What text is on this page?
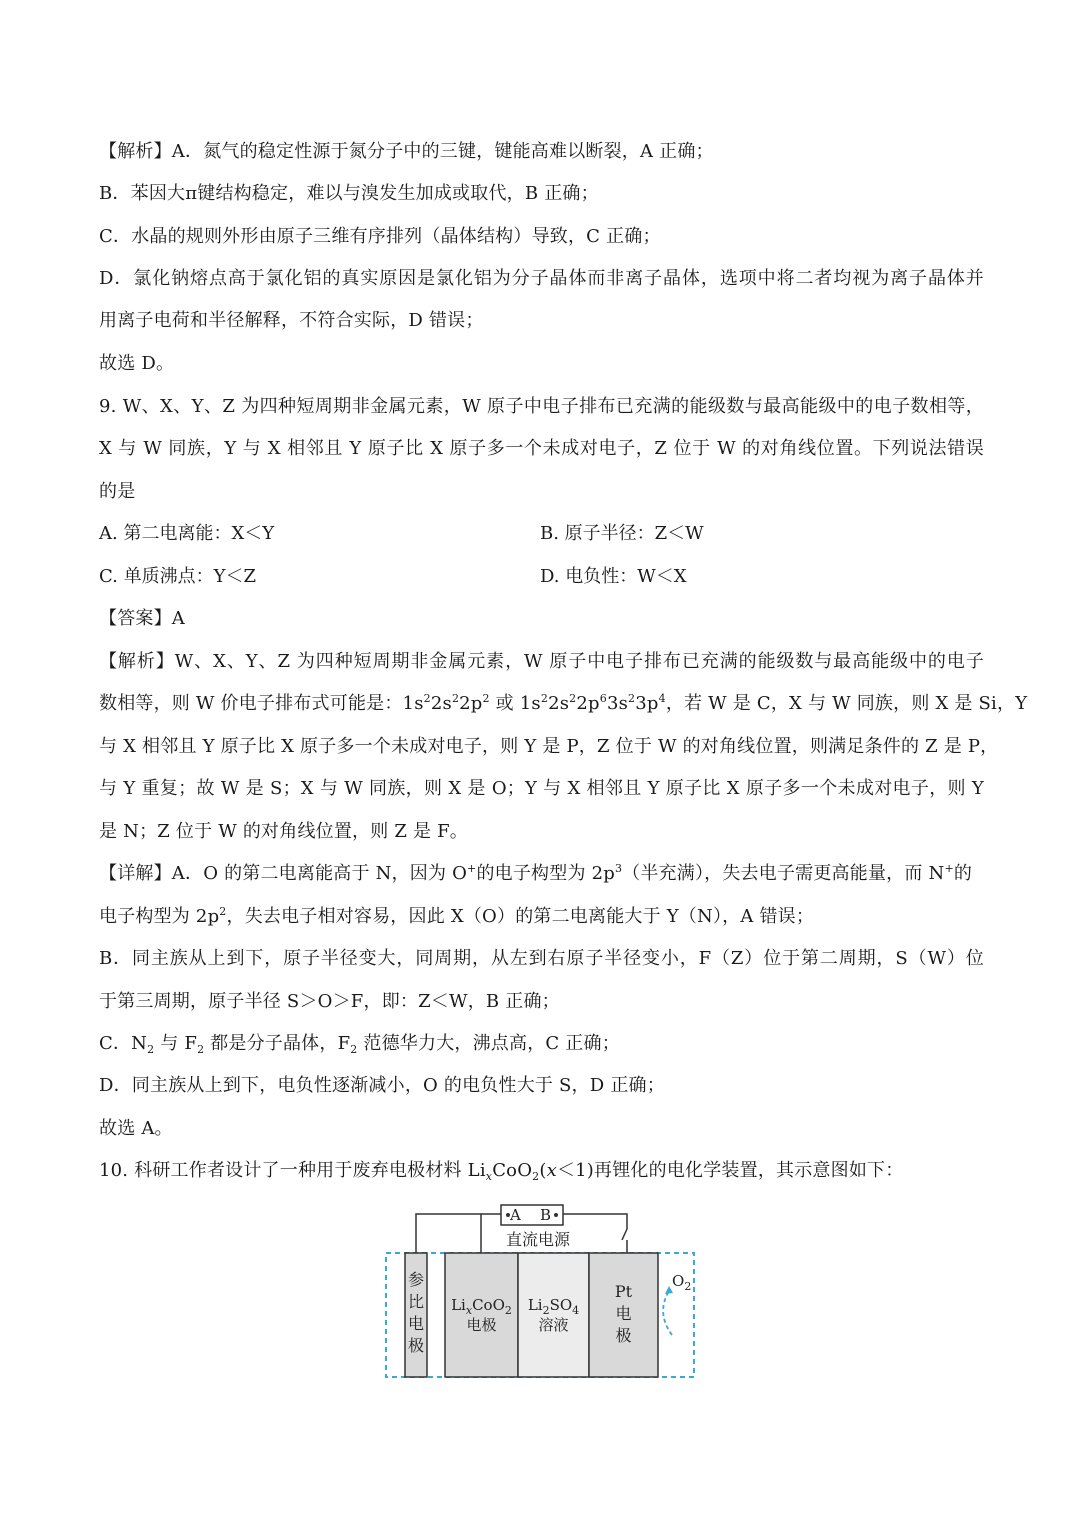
【解析】A．氮气的稳定性源于氮分子中的三键，键能高难以断裂，A 正确；
B．苯因大π键结构稳定，难以与溴发生加成或取代，B 正确；
C．水晶的规则外形由原子三维有序排列（晶体结构）导致，C 正确；
D．氯化钠熔点高于氯化铝的真实原因是氯化铝为分子晶体而非离子晶体，选项中将二者均视为离子晶体并
用离子电荷和半径解释，不符合实际，D 错误；
故选 D。
9. W、X、Y、Z 为四种短周期非金属元素，W 原子中电子排布已充满的能级数与最高能级中的电子数相等，
X 与 W 同族，Y 与 X 相邻且 Y 原子比 X 原子多一个未成对电子，Z 位于 W 的对角线位置。下列说法错误
的是
A. 第二电离能：X＜Y	B. 原子半径：Z＜W
C. 单质沸点：Y＜Z	D. 电负性：W＜X
【答案】A
【解析】W、X、Y、Z 为四种短周期非金属元素，W 原子中电子排布已充满的能级数与最高能级中的电子
数相等，则 W 价电子排布式可能是：$1s^22s^22p^2$ 或 $1s^22s^22p^63s^23p^4$，若 W 是 C，X 与 W 同族，则 X 是 Si，Y
与 X 相邻且 Y 原子比 X 原子多一个未成对电子，则 Y 是 P，Z 位于 W 的对角线位置，则满足条件的 Z 是 P，
与 Y 重复；故 W 是 S；X 与 W 同族，则 X 是 O；Y 与 X 相邻且 Y 原子比 X 原子多一个未成对电子，则 Y
是 N；Z 位于 W 的对角线位置，则 Z 是 F。
【详解】A．O 的第二电离能高于 N，因为 O+的电子构型为 $2p^3$（半充满），失去电子需更高能量，而 N+的
电子构型为 $2p^2$，失去电子相对容易，因此 X（O）的第二电离能大于 Y（N），A 错误；
B．同主族从上到下，原子半径变大，同周期，从左到右原子半径变小，F（Z）位于第二周期，S（W）位
于第三周期，原子半径 S＞O＞F，即：Z＜W，B 正确；
C．$N_2$ 与 $F_2$ 都是分子晶体，$F_2$ 范德华力大，沸点高，C 正确；
D．同主族从上到下，电负性逐渐减小，O 的电负性大于 S，D 正确；
故选 A。
10. 科研工作者设计了一种用于废弃电极材料 $Li_xCoO_2(x<1)$再锂化的电化学装置，其示意图如下：
A B
直流电源
参
比
电
极
$Li_xCoO_2$
电极
$Li_2SO_4$
溶液
Pt
电
极
$O_2$
